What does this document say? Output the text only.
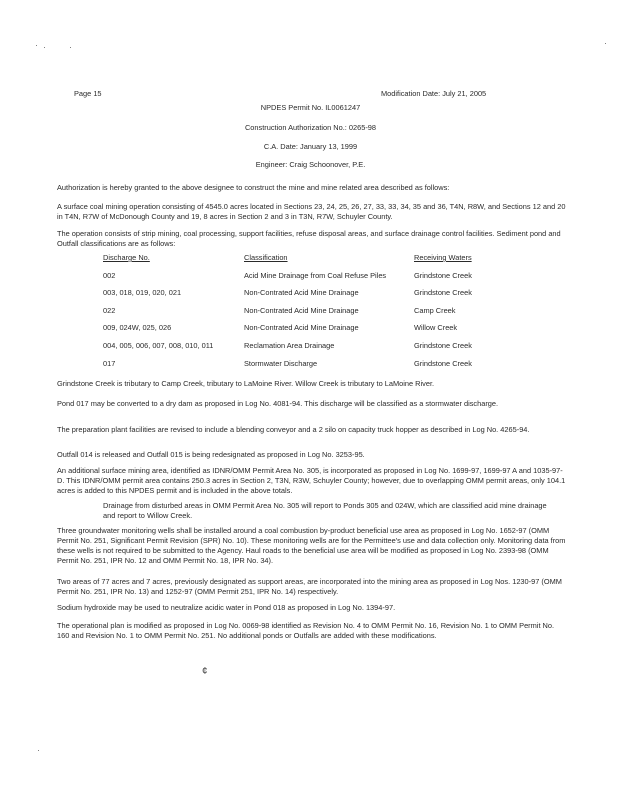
Page 15	Modification Date: July 21, 2005
NPDES Permit No. IL0061247
Construction Authorization No.: 0265-98
C.A. Date: January 13, 1999
Engineer: Craig Schoonover, P.E.
Authorization is hereby granted to the above designee to construct the mine and mine related area described as follows:
A surface coal mining operation consisting of 4545.0 acres located in Sections 23, 24, 25, 26, 27, 33, 33, 34, 35 and 36, T4N, R8W, and Sections 12 and 20 in T4N, R7W of McDonough County and 19, 8 acres in Section 2 and 3 in T3N, R7W, Schuyler County.
The operation consists of strip mining, coal processing, support facilities, refuse disposal areas, and surface drainage control facilities. Sediment pond and Outfall classifications are as follows:
Discharge No.	Classification	Receiving Waters
002	Acid Mine Drainage from Coal Refuse Piles	Grindstone Creek
003, 018, 019, 020, 021	Non-Contrated Acid Mine Drainage	Grindstone Creek
022	Non-Contrated Acid Mine Drainage	Camp Creek
009, 024W, 025, 026	Non-Contrated Acid Mine Drainage	Willow Creek
004, 005, 006, 007, 008, 010, 011	Reclamation Area Drainage	Grindstone Creek
017	Stormwater Discharge	Grindstone Creek
Grindstone Creek is tributary to Camp Creek, tributary to LaMoine River. Willow Creek is tributary to LaMoine River.
Pond 017 may be converted to a dry dam as proposed in Log No. 4081-94. This discharge will be classified as a stormwater discharge.
The preparation plant facilities are revised to include a blending conveyor and a 2 silo on capacity truck hopper as described in Log No. 4265-94.
Outfall 014 is released and Outfall 015 is being redesignated as proposed in Log No. 3253-95.
An additional surface mining area, identified as IDNR/OMM Permit Area No. 305, is incorporated as proposed in Log No. 1699-97, 1699-97 A and 1035-97-D. This IDNR/OMM permit area contains 250.3 acres in Section 2, T3N, R3W, Schuyler County; however, due to overlapping OMM permit areas, only 104.1 acres is added to this NPDES permit and is included in the above totals.
Drainage from disturbed areas in OMM Permit Area No. 305 will report to Ponds 305 and 024W, which are classified acid mine drainage and report to Willow Creek.
Three groundwater monitoring wells shall be installed around a coal combustion by-product beneficial use area as proposed in Log No. 1652-97 (OMM Permit No. 251, Significant Permit Revision (SPR) No. 10). These monitoring wells are for the Permittee's use and data collection only. Monitoring data from these wells is not required to be submitted to the Agency. Haul roads to the beneficial use area will be modified as proposed in Log No. 2393-98 (OMM Permit No. 251, IPR No. 12 and OMM Permit No. 18, IPR No. 34).
Two areas of 77 acres and 7 acres, previously designated as support areas, are incorporated into the mining area as proposed in Log Nos. 1230-97 (OMM Permit No. 251, IPR No. 13) and 1252-97 (OMM Permit 251, IPR No. 14) respectively.
Sodium hydroxide may be used to neutralize acidic water in Pond 018 as proposed in Log No. 1394-97.
The operational plan is modified as proposed in Log No. 0069-98 identified as Revision No. 4 to OMM Permit No. 16, Revision No. 1 to OMM Permit No. 160 and Revision No. 1 to OMM Permit No. 251. No additional ponds or Outfalls are added with these modifications.
¢
